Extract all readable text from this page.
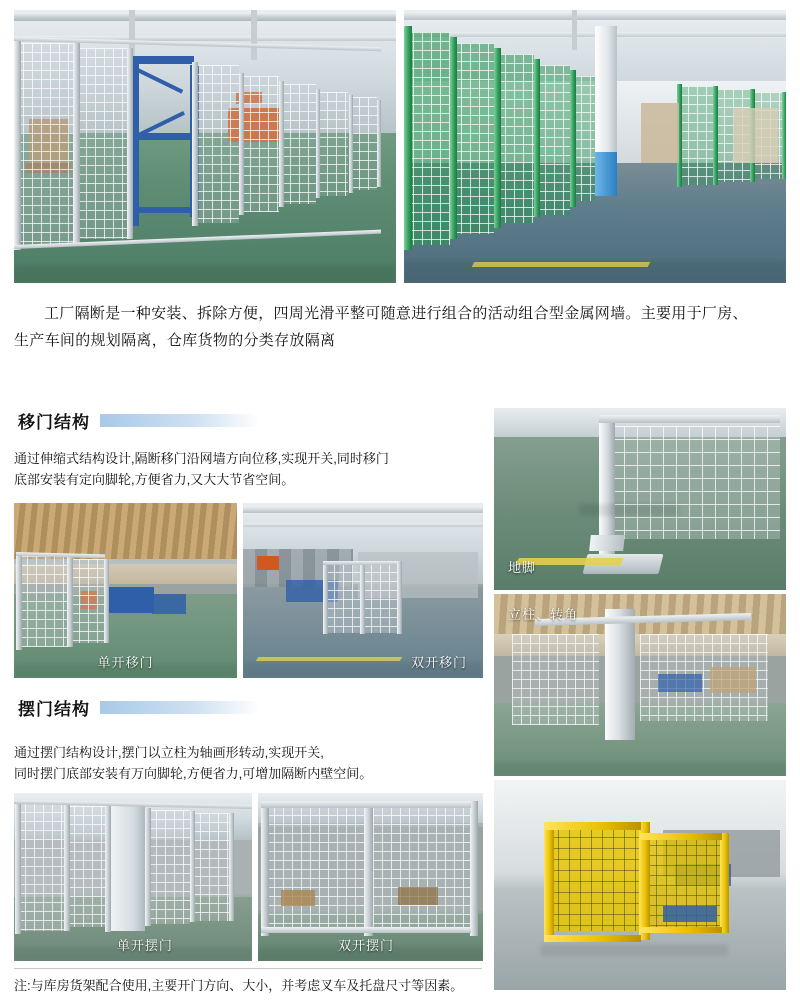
工厂隔断是一种安装、拆除方便，四周光滑平整可随意进行组合的活动组合型金属网墙。主要用于厂房、

生产车间的规划隔离，仓库货物的分类存放隔离

移门结构

通过伸缩式结构设计,隔断移门沿网墙方向位移,实现开关,同时移门

底部安装有定向脚轮,方便省力,又大大节省空间。

单开移门	双开移门
摆门结构

通过摆门结构设计,摆门以立柱为轴画形转动,实现开关,

同时摆门底部安装有万向脚轮,方便省力,可增加隔断内壁空间。

单开摆门	双开摆门
地脚
立柱、转角
注:与库房货架配合使用,主要开门方向、大小，并考虑叉车及托盘尺寸等因素。
